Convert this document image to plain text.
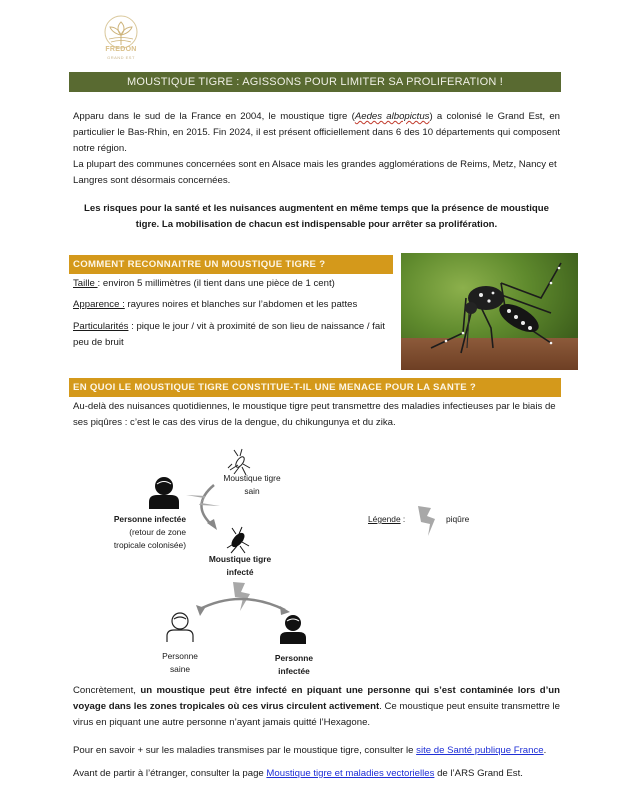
FREDON
GRAND EST
MOUSTIQUE TIGRE : AGISSONS POUR LIMITER SA PROLIFERATION !
Apparu dans le sud de la France en 2004, le moustique tigre (Aedes albopictus) a colonisé le Grand Est, en particulier le Bas-Rhin, en 2015. Fin 2024, il est présent officiellement dans 6 des 10 départements qui composent notre région.
La plupart des communes concernées sont en Alsace mais les grandes agglomérations de Reims, Metz, Nancy et Langres sont désormais concernées.
Les risques pour la santé et les nuisances augmentent en même temps que la présence de moustique tigre. La mobilisation de chacun est indispensable pour arrêter sa prolifération.
COMMENT RECONNAITRE UN MOUSTIQUE TIGRE ?
Taille : environ 5 millimètres (il tient dans une pièce de 1 cent)
Apparence : rayures noires et blanches sur l’abdomen et les pattes
Particularités : pique le jour / vit à proximité de son lieu de naissance / fait peu de bruit
EN QUOI LE MOUSTIQUE TIGRE CONSTITUE-T-IL UNE MENACE POUR LA SANTE ?
Au-delà des nuisances quotidiennes, le moustique tigre peut transmettre des maladies infectieuses par le biais de ses piqûres : c’est le cas des virus de la dengue, du chikungunya et du zika.
Personne infectée
(retour de zone
tropicale colonisée)
Moustique tigre
sain
Moustique tigre
infecté
Personne
saine
Personne
infectée
Légende :	piqûre
Concrètement, un moustique peut être infecté en piquant une personne qui s’est contaminée lors d’un voyage dans les zones tropicales où ces virus circulent activement. Ce moustique peut ensuite transmettre le virus en piquant une autre personne n’ayant jamais quitté l’Hexagone.
Pour en savoir + sur les maladies transmises par le moustique tigre, consulter le site de Santé publique France.
Avant de partir à l’étranger, consulter la page Moustique tigre et maladies vectorielles de l’ARS Grand Est.
